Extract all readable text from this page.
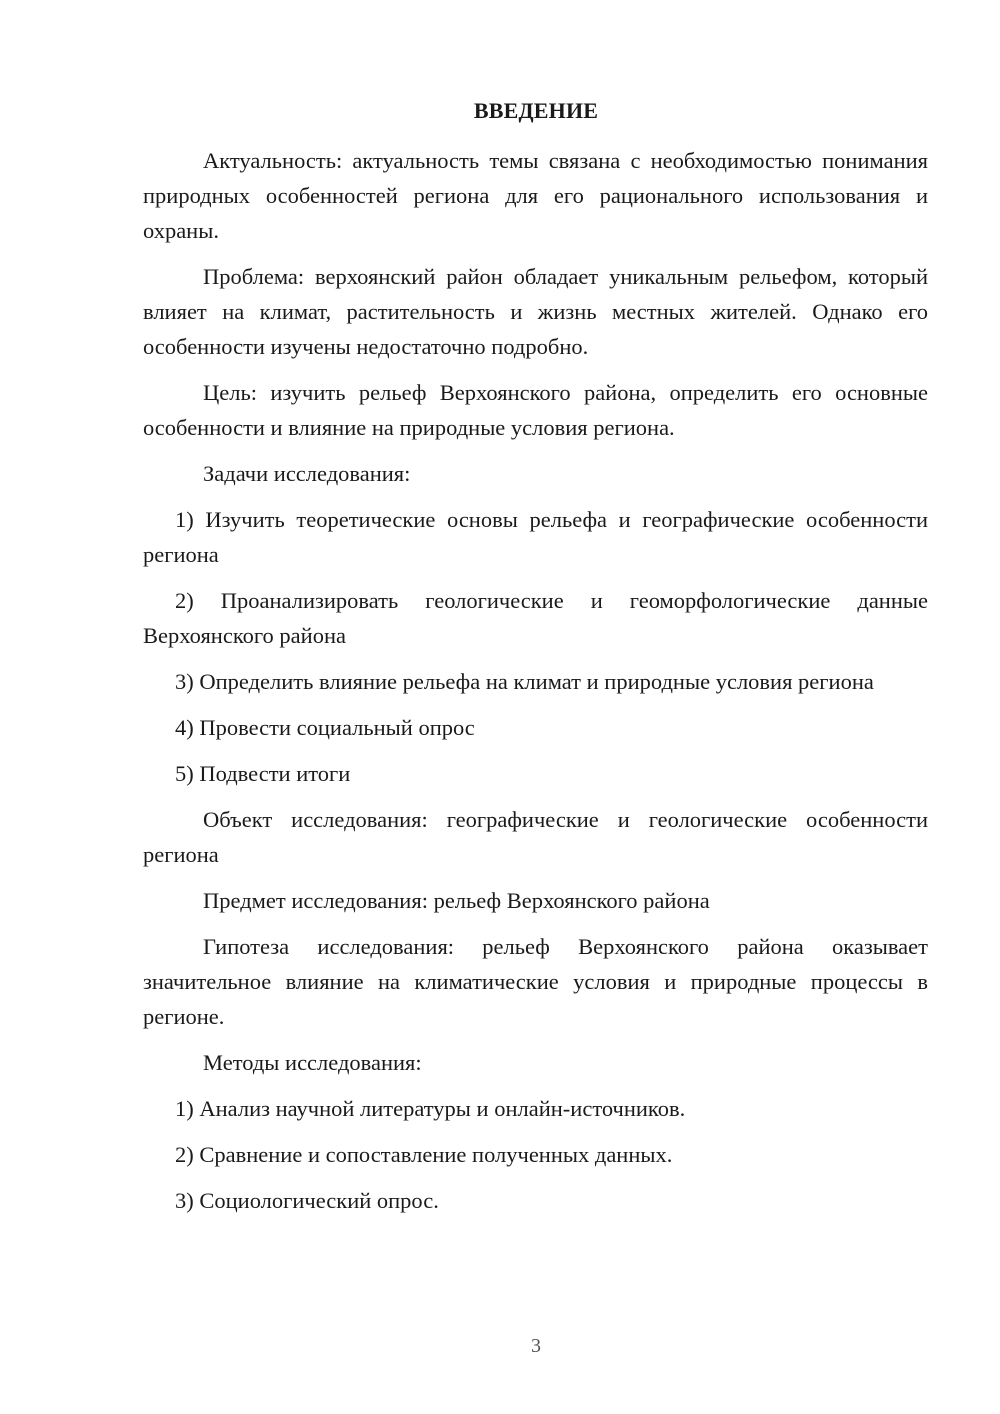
ВВЕДЕНИЕ

Актуальность: актуальность темы связана с необходимостью понимания природных особенностей региона для его рационального использования и охраны.

Проблема: верхоянский район обладает уникальным рельефом, который влияет на климат, растительность и жизнь местных жителей. Однако его особенности изучены недостаточно подробно.

Цель: изучить рельеф Верхоянского района, определить его основные особенности и влияние на природные условия региона.

Задачи исследования:

1) Изучить теоретические основы рельефа и географические особенности региона

2) Проанализировать геологические и геоморфологические данные Верхоянского района

3) Определить влияние рельефа на климат и природные условия региона

4) Провести социальный опрос

5) Подвести итоги

Объект исследования: географические и геологические особенности региона

Предмет исследования: рельеф Верхоянского района

Гипотеза исследования: рельеф Верхоянского района оказывает значительное влияние на климатические условия и природные процессы в регионе.

Методы исследования:

1) Анализ научной литературы и онлайн-источников.

2) Сравнение и сопоставление полученных данных.

3) Социологический опрос.

3
